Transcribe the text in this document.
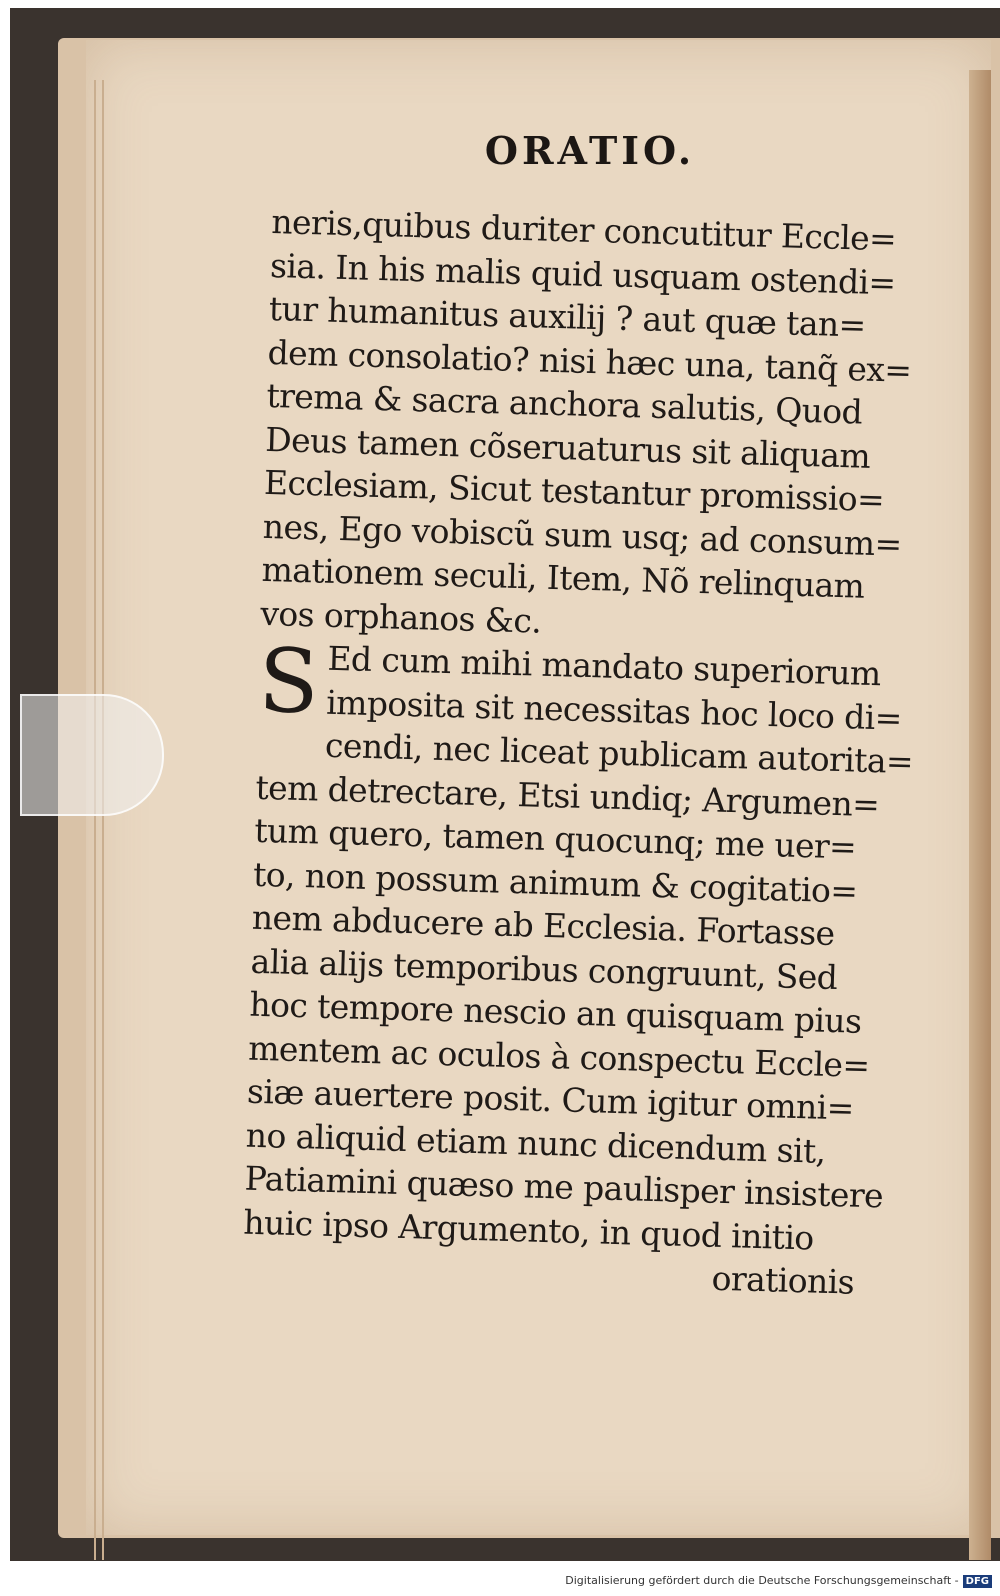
ORATIO.
neris,quibus duriter concutitur Eccle=
sia. In his malis quid usquam ostendi=
tur humanitus auxilij ? aut quæ tan=
dem consolatio? nisi hæc una, tanq̃ ex=
trema & sacra anchora salutis, Quod
Deus tamen cõseruaturus sit aliquam
Ecclesiam, Sicut testantur promissio=
nes, Ego vobiscũ sum usq; ad consum=
mationem seculi, Item, Nõ relinquam
vos orphanos &c.
S Ed cum mihi mandato superiorum
imposita sit necessitas hoc loco di=
cendi, nec liceat publicam autorita=
tem detrectare, Etsi undiq; Argumen=
tum quero, tamen quocunq; me uer=
to, non possum animum & cogitatio=
nem abducere ab Ecclesia. Fortasse
alia alijs temporibus congruunt, Sed
hoc tempore nescio an quisquam pius
mentem ac oculos à conspectu Eccle=
siæ auertere posit. Cum igitur omni=
no aliquid etiam nunc dicendum sit,
Patiamini quæso me paulisper insistere
huic ipso Argumento, in quod initio
orationis
Digitalisierung gefördert durch die Deutsche Forschungsgemeinschaft - DFG
